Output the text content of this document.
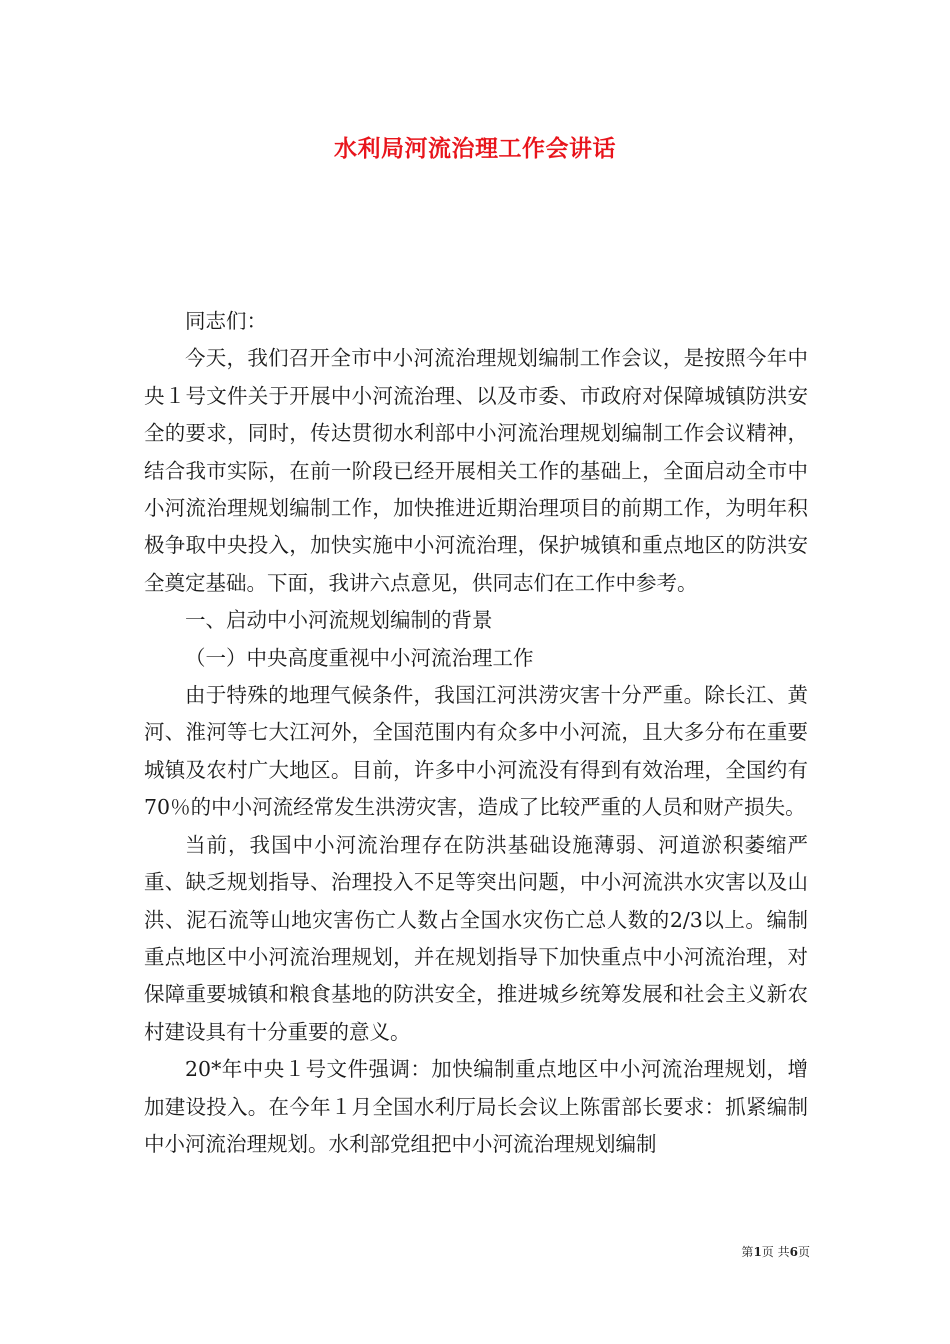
水利局河流治理工作会讲话

同志们：

今天，我们召开全市中小河流治理规划编制工作会议，是按照今年中央１号文件关于开展中小河流治理、以及市委、市政府对保障城镇防洪安全的要求，同时，传达贯彻水利部中小河流治理规划编制工作会议精神，结合我市实际，在前一阶段已经开展相关工作的基础上，全面启动全市中小河流治理规划编制工作，加快推进近期治理项目的前期工作，为明年积极争取中央投入，加快实施中小河流治理，保护城镇和重点地区的防洪安全奠定基础。下面，我讲六点意见，供同志们在工作中参考。

一、启动中小河流规划编制的背景

（一）中央高度重视中小河流治理工作

由于特殊的地理气候条件，我国江河洪涝灾害十分严重。除长江、黄河、淮河等七大江河外，全国范围内有众多中小河流，且大多分布在重要城镇及农村广大地区。目前，许多中小河流没有得到有效治理，全国约有70％的中小河流经常发生洪涝灾害，造成了比较严重的人员和财产损失。

当前，我国中小河流治理存在防洪基础设施薄弱、河道淤积萎缩严重、缺乏规划指导、治理投入不足等突出问题，中小河流洪水灾害以及山洪、泥石流等山地灾害伤亡人数占全国水灾伤亡总人数的2/3以上。编制重点地区中小河流治理规划，并在规划指导下加快重点中小河流治理，对保障重要城镇和粮食基地的防洪安全，推进城乡统筹发展和社会主义新农村建设具有十分重要的意义。

20*年中央１号文件强调：加快编制重点地区中小河流治理规划，增加建设投入。在今年１月全国水利厅局长会议上陈雷部长要求：抓紧编制中小河流治理规划。水利部党组把中小河流治理规划编制

第1页 共6页
